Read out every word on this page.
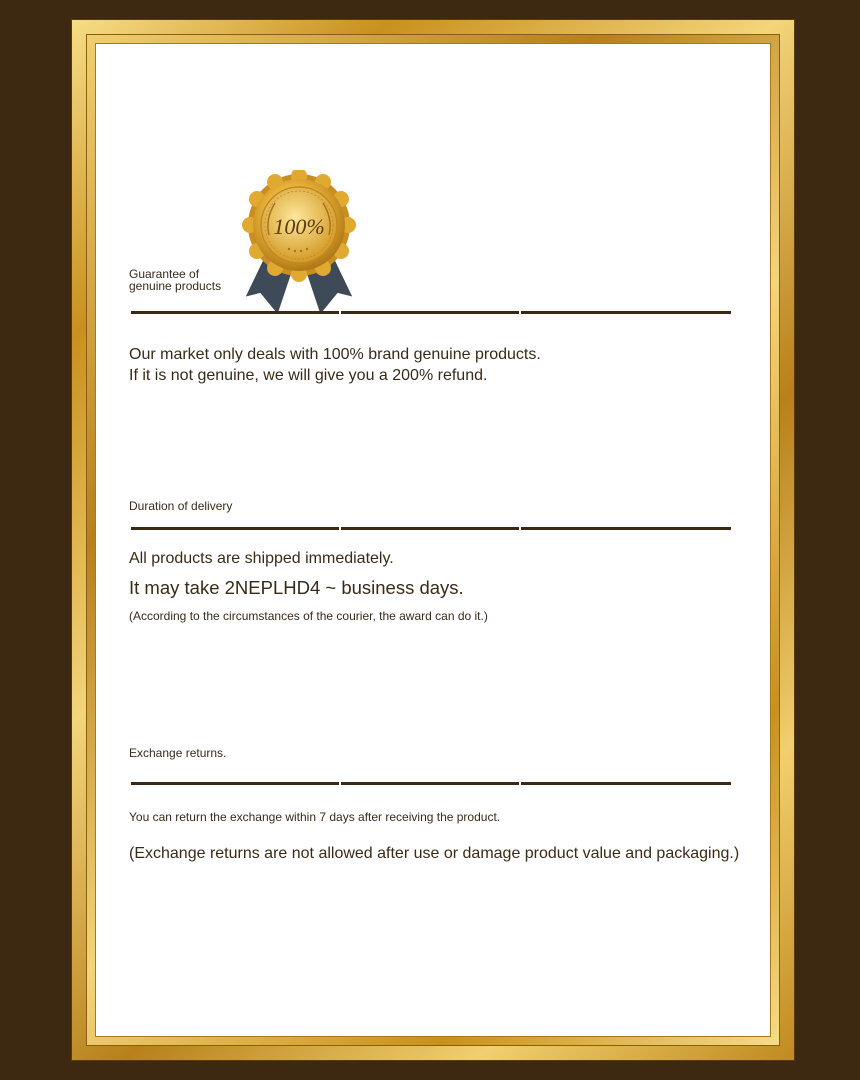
100%
Guarantee of genuine products
Our market only deals with 100% brand genuine products.
If it is not genuine, we will give you a 200% refund.
Duration of delivery
All products are shipped immediately.
It may take 2NEPLHD4 ~ business days.
(According to the circumstances of the courier, the award can do it.)
Exchange returns.
You can return the exchange within 7 days after receiving the product.
(Exchange returns are not allowed after use or damage product value and packaging.)
